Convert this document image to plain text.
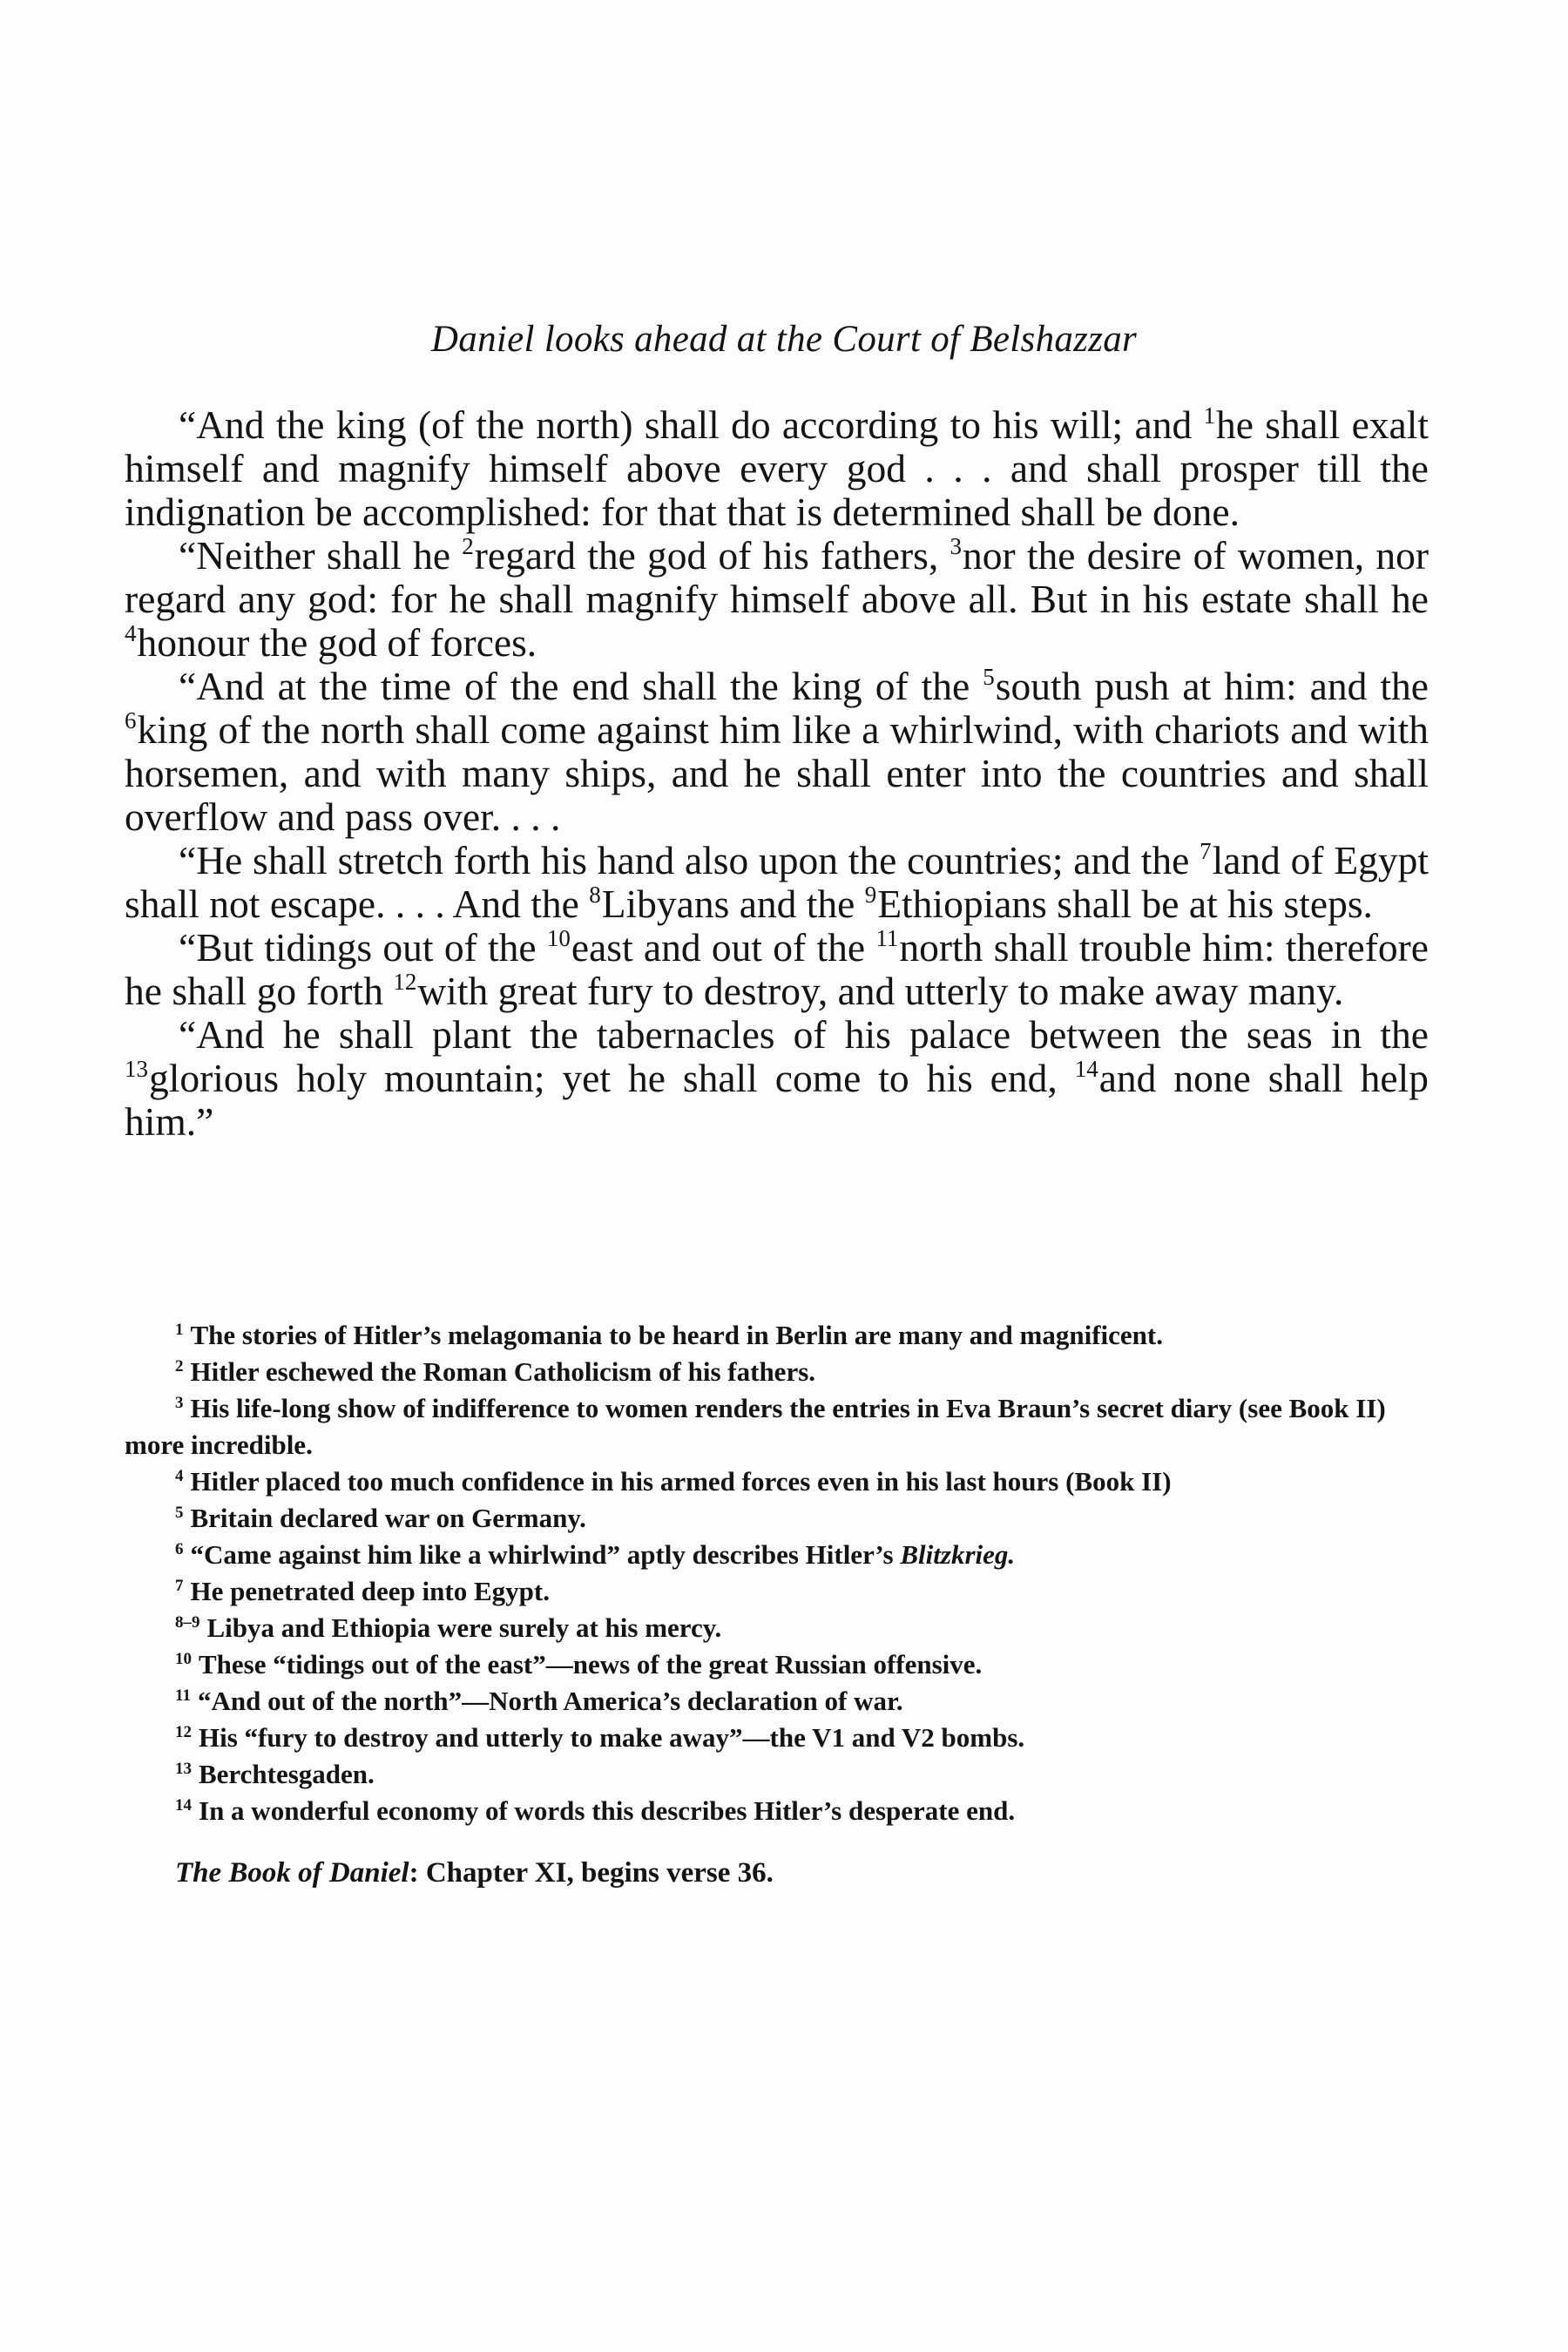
Daniel looks ahead at the Court of Belshazzar

“And the king (of the north) shall do according to his will; and $^1$he shall exalt himself and magnify himself above every god . . . and shall prosper till the indignation be accomplished: for that that is determined shall be done.

“Neither shall he $^2$regard the god of his fathers, $^3$nor the desire of women, nor regard any god: for he shall magnify himself above all. But in his estate shall he $^4$honour the god of forces.

“And at the time of the end shall the king of the $^5$south push at him: and the $^6$king of the north shall come against him like a whirlwind, with chariots and with horsemen, and with many ships, and he shall enter into the countries and shall overflow and pass over. . . .

“He shall stretch forth his hand also upon the countries; and the $^7$land of Egypt shall not escape. . . . And the $^8$Libyans and the $^9$Ethiopians shall be at his steps.

“But tidings out of the $^{10}$east and out of the $^{11}$north shall trouble him: therefore he shall go forth $^{12}$with great fury to destroy, and utterly to make away many.

“And he shall plant the tabernacles of his palace between the seas in the $^{13}$glorious holy mountain; yet he shall come to his end, $^{14}$and none shall help him.”

$^1$ The stories of Hitler’s melagomania to be heard in Berlin are many and magnificent.

$^2$ Hitler eschewed the Roman Catholicism of his fathers.

$^3$ His life-long show of indifference to women renders the entries in Eva Braun’s secret diary (see Book II) more incredible.

$^4$ Hitler placed too much confidence in his armed forces even in his last hours (Book II)

$^5$ Britain declared war on Germany.

$^6$ “Came against him like a whirlwind” aptly describes Hitler’s Blitzkrieg.

$^7$ He penetrated deep into Egypt.

$^{8-9}$ Libya and Ethiopia were surely at his mercy.

$^{10}$ These “tidings out of the east”—news of the great Russian offensive.

$^{11}$ “And out of the north”—North America’s declaration of war.

$^{12}$ His “fury to destroy and utterly to make away”—the V1 and V2 bombs.

$^{13}$ Berchtesgaden.

$^{14}$ In a wonderful economy of words this describes Hitler’s desperate end.

The Book of Daniel: Chapter XI, begins verse 36.
